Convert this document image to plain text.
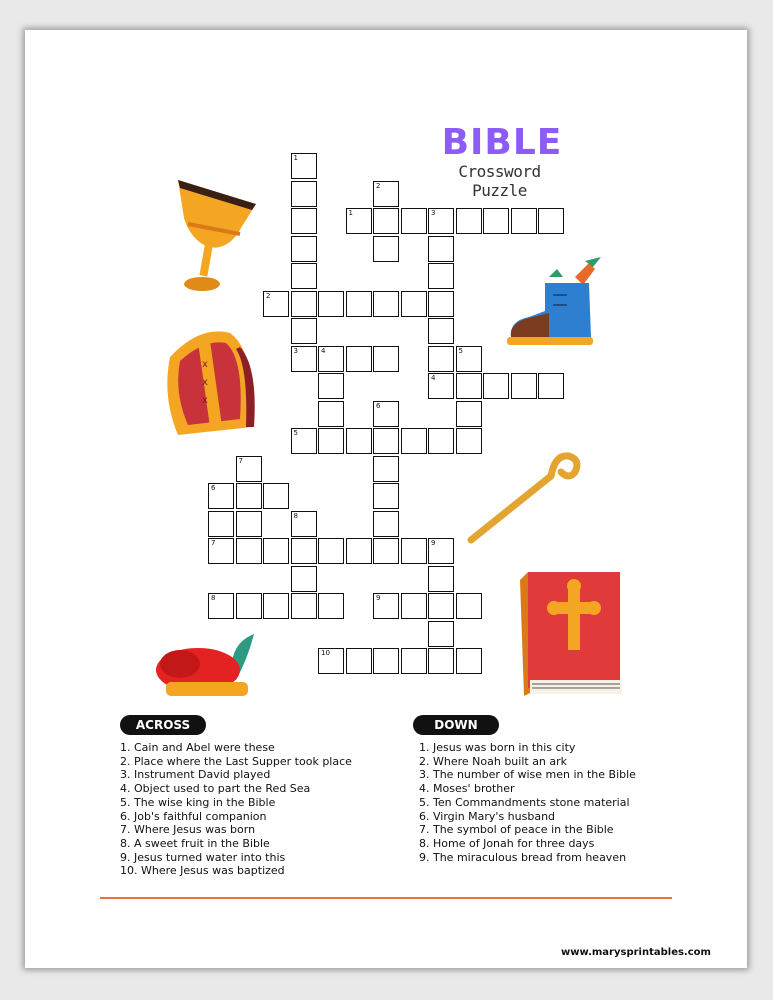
BIBLE
Crossword Puzzle
1
2
1	3
2
3	4	5
4
6
5
7
6
8
7	9
8	9
10
x
x
x
ACROSS	DOWN
1. Cain and Abel were these
2. Place where the Last Supper took place
3. Instrument David played
4. Object used to part the Red Sea
5. The wise king in the Bible
6. Job's faithful companion
7. Where Jesus was born
8. A sweet fruit in the Bible
9. Jesus turned water into this
10. Where Jesus was baptized
1. Jesus was born in this city
2. Where Noah built an ark
3. The number of wise men in the Bible
4. Moses' brother
5. Ten Commandments stone material
6. Virgin Mary's husband
7. The symbol of peace in the Bible
8. Home of Jonah for three days
9. The miraculous bread from heaven
www.marysprintables.com
